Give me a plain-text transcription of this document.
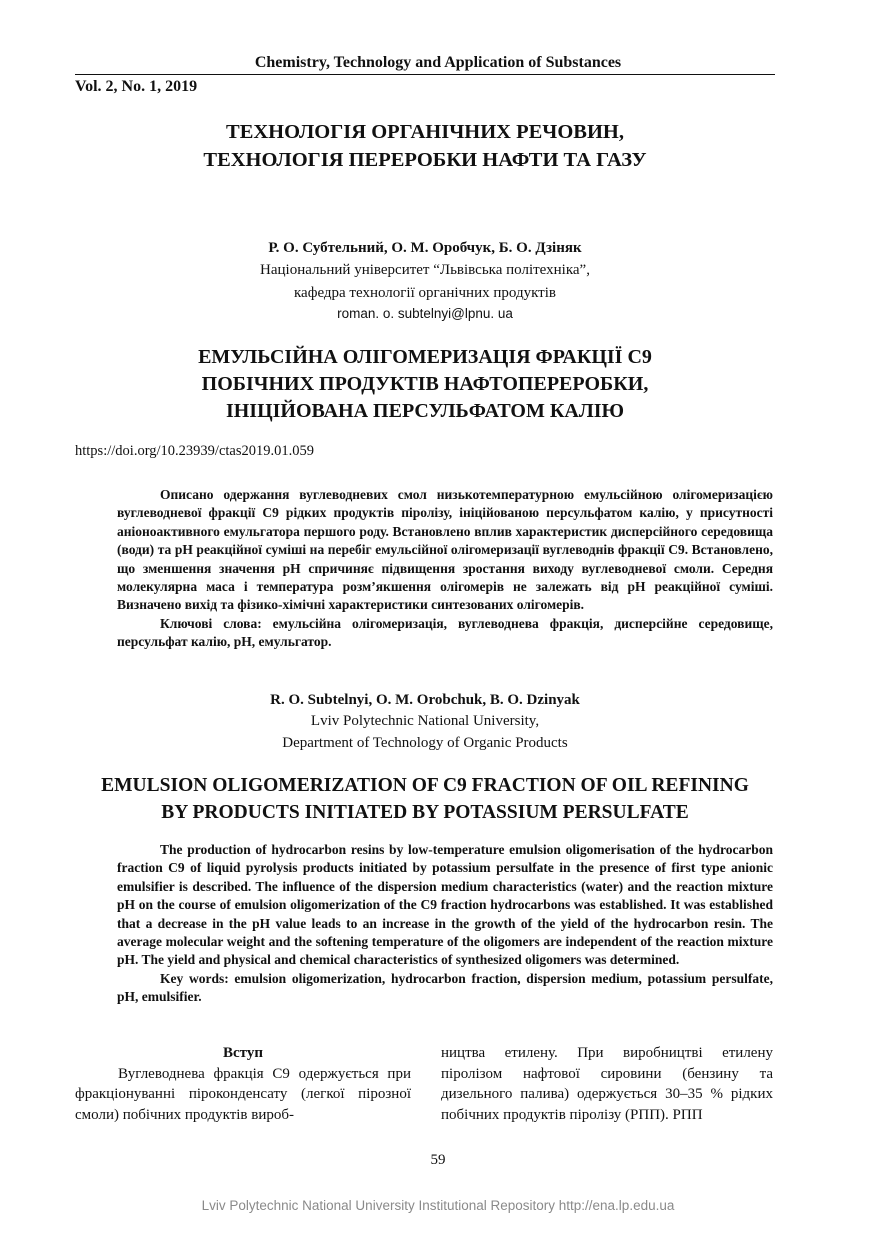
Chemistry, Technology and Application of Substances
Vol. 2, No. 1, 2019
ТЕХНОЛОГІЯ ОРГАНІЧНИХ РЕЧОВИН,
ТЕХНОЛОГІЯ ПЕРЕРОБКИ НАФТИ ТА ГАЗУ
Р. О. Субтельний, О. М. Оробчук, Б. О. Дзіняк
Національний університет “Львівська політехніка”,
кафедра технології органічних продуктів
roman. o. subtelnyi@lpnu. ua
ЕМУЛЬСІЙНА ОЛІГОМЕРИЗАЦІЯ ФРАКЦІЇ С9
ПОБІЧНИХ ПРОДУКТІВ НАФТОПЕРЕРОБКИ,
ІНІЦІЙОВАНА ПЕРСУЛЬФАТОМ КАЛІЮ
https://doi.org/10.23939/ctas2019.01.059

Описано одержання вуглеводневих смол низькотемпературною емульсійною олігомеризацією вуглеводневої фракції С9 рідких продуктів піролізу, ініційованою персульфатом калію, у присутності аніоноактивного емульгатора першого роду. Встановлено вплив характеристик дисперсійного середовища (води) та рН реакційної суміші на перебіг емульсійної олігомеризації вуглеводнів фракції С9. Встановлено, що зменшення значення рН спричиняє підвищення зростання виходу вуглеводневої смоли. Середня молекулярна маса і температура розм’якшення олігомерів не залежать від рН реакційної суміші. Визначено вихід та фізико-хімічні характеристики синтезованих олігомерів.

Ключові слова: емульсійна олігомеризація, вуглеводнева фракція, дисперсійне середовище, персульфат калію, рН, емульгатор.

R. O. Subtelnyi, O. M. Orobchuk, B. O. Dzinyak
Lviv Polytechnic National University,
Department of Technology of Organic Products
EMULSION OLIGOMERIZATION OF C9 FRACTION OF OIL REFINING
BY PRODUCTS INITIATED BY POTASSIUM PERSULFATE

The production of hydrocarbon resins by low-temperature emulsion oligomerisation of the hydrocarbon fraction C9 of liquid pyrolysis products initiated by potassium persulfate in the presence of first type anionic emulsifier is described. The influence of the dispersion medium characteristics (water) and the reaction mixture pH on the course of emulsion oligomerization of the C9 fraction hydrocarbons was established. It was established that a decrease in the pH value leads to an increase in the growth of the yield of the hydrocarbon resin. The average molecular weight and the softening temperature of the oligomers are independent of the reaction mixture pH. The yield and physical and chemical characteristics of synthesized oligomers was determined.

Key words: emulsion oligomerization, hydrocarbon fraction, dispersion medium, potassium persulfate, pH, emulsifier.

Вступ

Вуглеводнева фракція С9 одержується при фракціонуванні піроконденсату (легкої пірозної смоли) побічних продуктів вироб-

ництва етилену. При виробництві етилену піролізом нафтової сировини (бензину та дизельного палива) одержується 30–35 % рідких побічних продуктів піролізу (РПП). РПП

59
Lviv Polytechnic National University Institutional Repository http://ena.lp.edu.ua
